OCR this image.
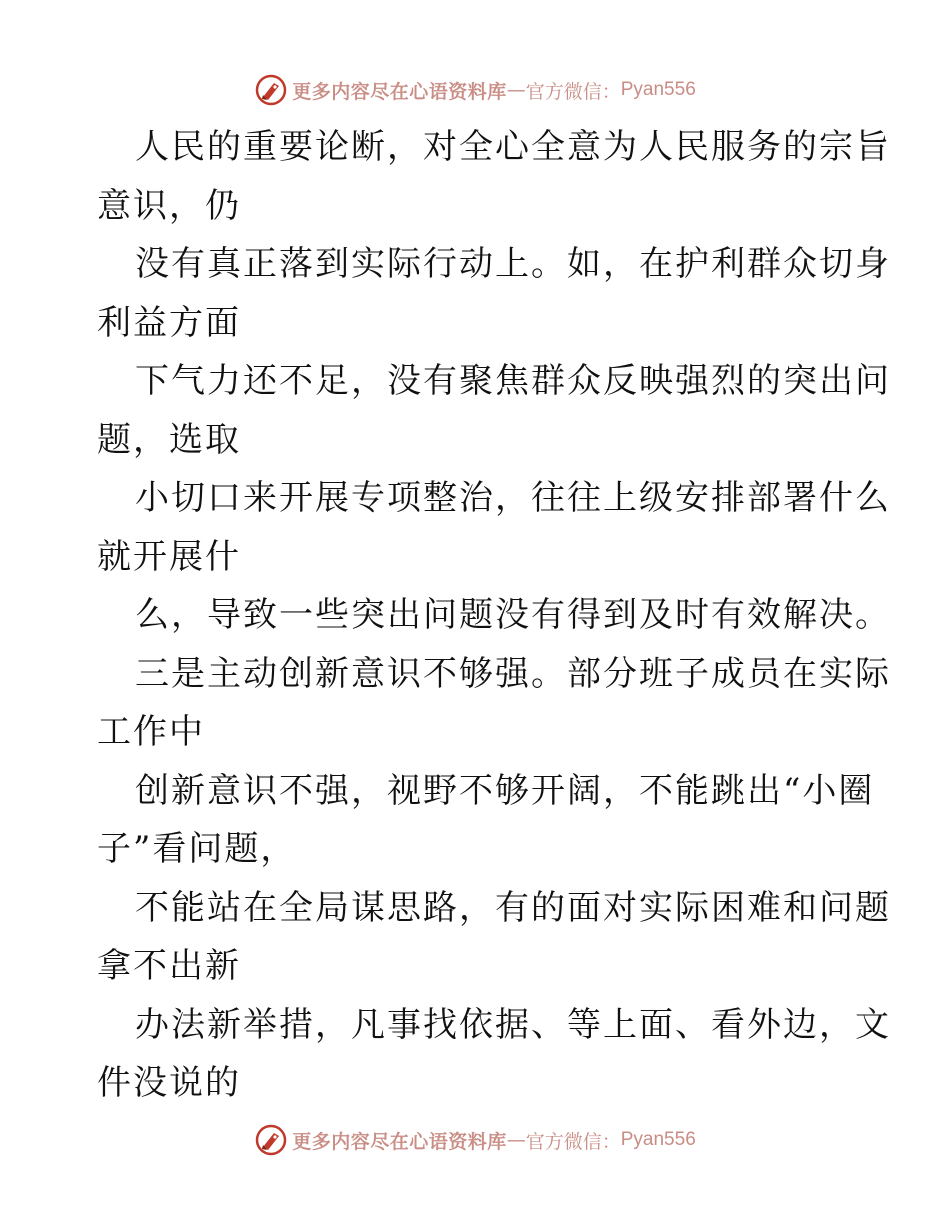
更多内容尽在心语资料库 — 官方微信： Pyan556
人民的重要论断，对全心全意为人民服务的宗旨
意识，仍
没有真正落到实际行动上。如，在护利群众切身
利益方面
下气力还不足，没有聚焦群众反映强烈的突出问
题，选取
小切口来开展专项整治，往往上级安排部署什么
就开展什
么，导致一些突出问题没有得到及时有效解决。
三是主动创新意识不够强。部分班子成员在实际
工作中
创新意识不强，视野不够开阔，不能跳出“小圈
子”看问题，
不能站在全局谋思路，有的面对实际困难和问题
拿不出新
办法新举措，凡事找依据、等上面、看外边，文
件没说的
更多内容尽在心语资料库 — 官方微信： Pyan556
